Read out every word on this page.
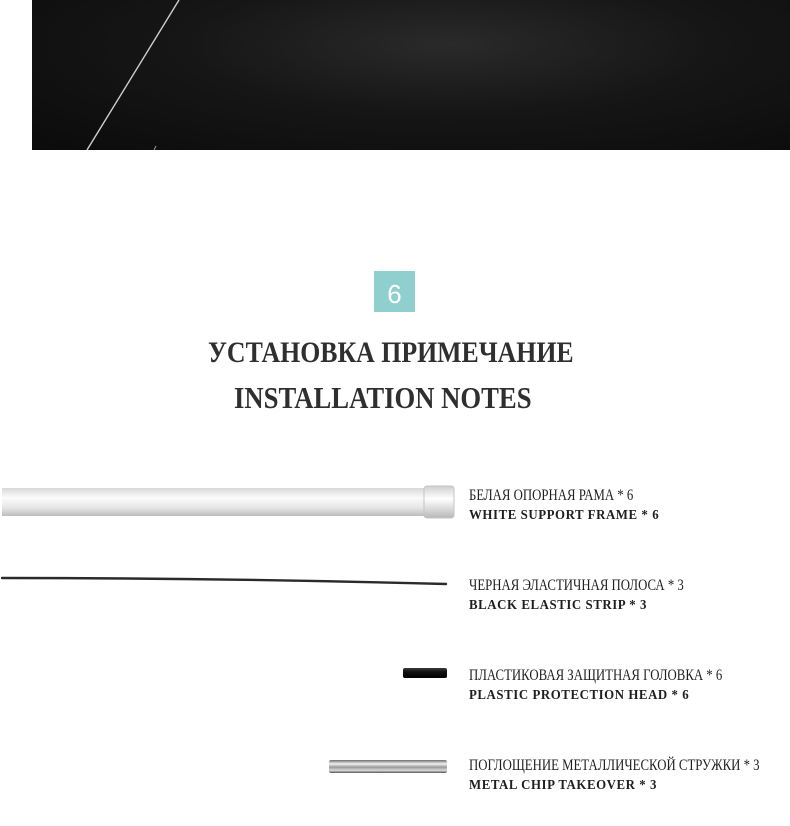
6
УСТАНОВКА ПРИМЕЧАНИЕ
INSTALLATION NOTES
БЕЛАЯ ОПОРНАЯ РАМА * 6
WHITE SUPPORT FRAME * 6
ЧЕРНАЯ ЭЛАСТИЧНАЯ ПОЛОСА * 3
BLACK ELASTIC STRIP * 3
ПЛАСТИКОВАЯ ЗАЩИТНАЯ ГОЛОВКА * 6
PLASTIC PROTECTION HEAD * 6
ПОГЛОЩЕНИЕ МЕТАЛЛИЧЕСКОЙ СТРУЖКИ * 3
METAL CHIP TAKEOVER * 3
